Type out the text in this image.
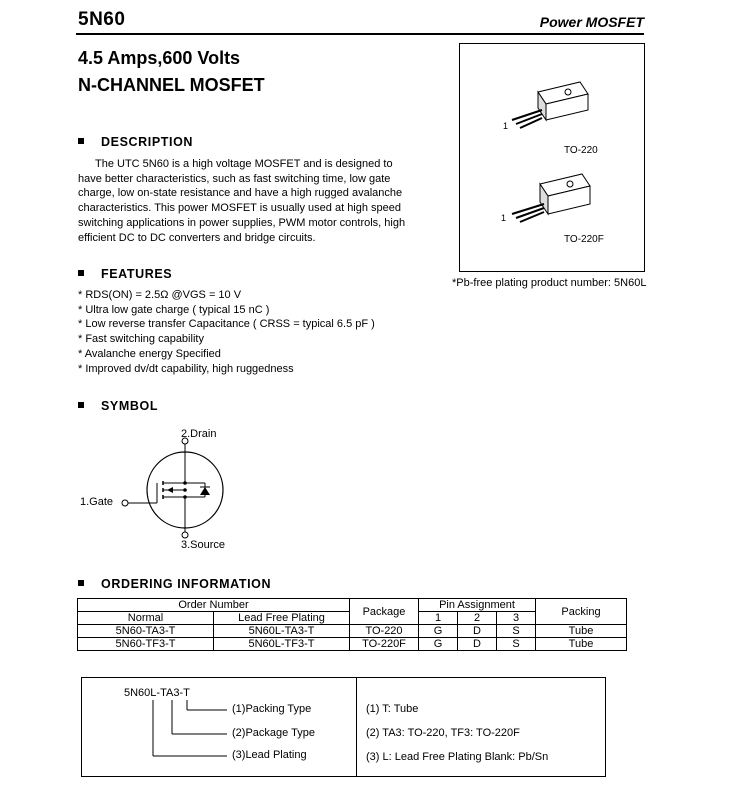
5N60	Power MOSFET
4.5 Amps,600 Volts
N-CHANNEL MOSFET
DESCRIPTION
The UTC 5N60 is a high voltage MOSFET and is designed to have better characteristics, such as fast switching time, low gate charge, low on-state resistance and have a high rugged avalanche characteristics. This power MOSFET is usually used at high speed switching applications in power supplies, PWM motor controls, high efficient DC to DC converters and bridge circuits.
FEATURES
* RDS(ON) = 2.5Ω @VGS = 10 V
* Ultra low gate charge ( typical 15 nC )
* Low reverse transfer Capacitance ( CRSS = typical 6.5 pF )
* Fast switching capability
* Avalanche energy Specified
* Improved dv/dt capability, high ruggedness
1
TO-220
1
TO-220F
*Pb-free plating product number: 5N60L
SYMBOL
2.Drain
1.Gate
3.Source
ORDERING INFORMATION
Order Number		Package	Pin Assignment			Packing
Normal	Lead Free Plating		1	2	3	
5N60-TA3-T	5N60L-TA3-T	TO-220	G	D	S	Tube
5N60-TF3-T	5N60L-TF3-T	TO-220F	G	D	S	Tube
5N60L-TA3-T
(1)Packing Type
(2)Package Type
(3)Lead Plating
(1) T: Tube
(2) TA3: TO-220, TF3: TO-220F
(3) L: Lead Free Plating Blank: Pb/Sn
